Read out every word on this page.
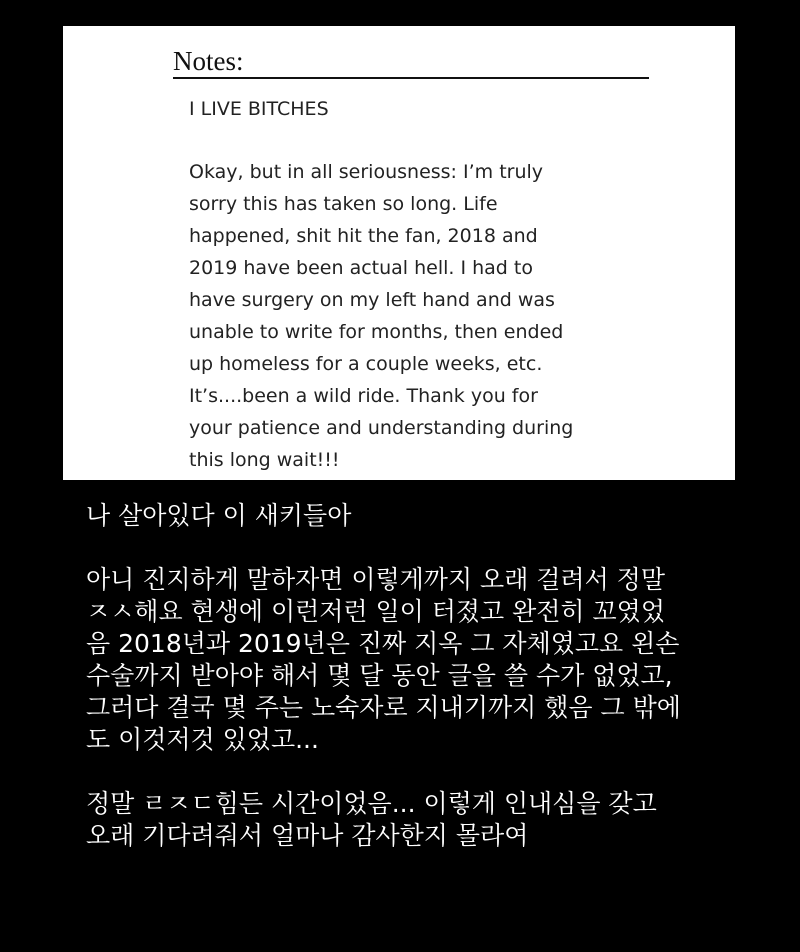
Notes:
I LIVE BITCHES
Okay, but in all seriousness: I’m truly
sorry this has taken so long. Life
happened, shit hit the fan, 2018 and
2019 have been actual hell. I had to
have surgery on my left hand and was
unable to write for months, then ended
up homeless for a couple weeks, etc.
It’s....been a wild ride. Thank you for
your patience and understanding during
this long wait!!!
나 살아있다 이 새키들아
아니 진지하게 말하자면 이렇게까지 오래 걸려서 정말
ㅈㅅ해요 현생에 이런저런 일이 터졌고 완전히 꼬였었
음 2018년과 2019년은 진짜 지옥 그 자체였고요 왼손
수술까지 받아야 해서 몇 달 동안 글을 쓸 수가 없었고,
그러다 결국 몇 주는 노숙자로 지내기까지 했음 그 밖에
도 이것저것 있었고...
정말 ㄹㅈㄷ힘든 시간이었음... 이렇게 인내심을 갖고
오래 기다려줘서 얼마나 감사한지 몰라여
